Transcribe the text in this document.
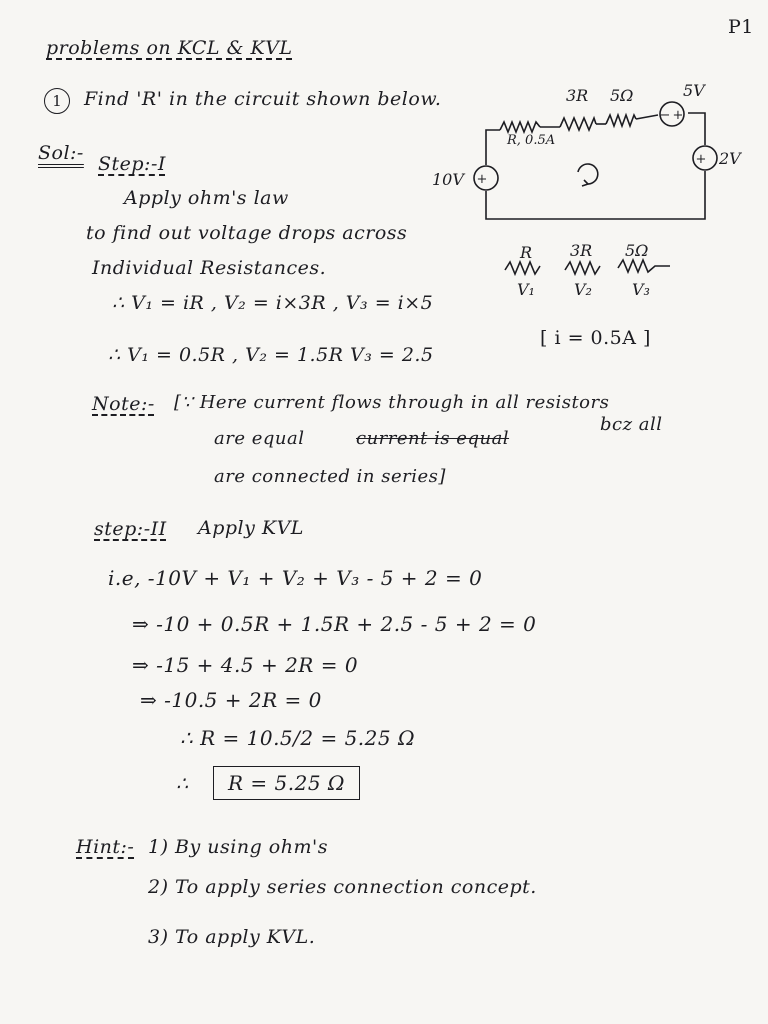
P1
problems on KCL & KVL
1	Find 'R' in the circuit shown below.
Sol:- Step:-I
Apply ohm's law
to find out voltage drops across
Individual Resistances.
∴ V₁ = iR , V₂ = i×3R , V₃ = i×5
∴ V₁ = 0.5R , V₂ = 1.5R V₃ = 2.5
[ i = 0.5A ]
Note:- [∵ Here current flows through in all resistors
are equal	current is equal
bcz all
are connected in series]
step:-II Apply KVL
i.e, -10V + V₁ + V₂ + V₃ - 5 + 2 = 0
⇒ -10 + 0.5R + 1.5R + 2.5 - 5 + 2 = 0
⇒ -15 + 4.5 + 2R = 0
⇒ -10.5 + 2R = 0
∴ R = 10.5/2 = 5.25 Ω
∴	R = 5.25 Ω
Hint:- 1) By using ohm's
2) To apply series connection concept.
3) To apply KVL.
+
+
+
−
10V
2V
5V
3R 5Ω
R, 0.5A
R 3R 5Ω
V₁ V₂	V₃
